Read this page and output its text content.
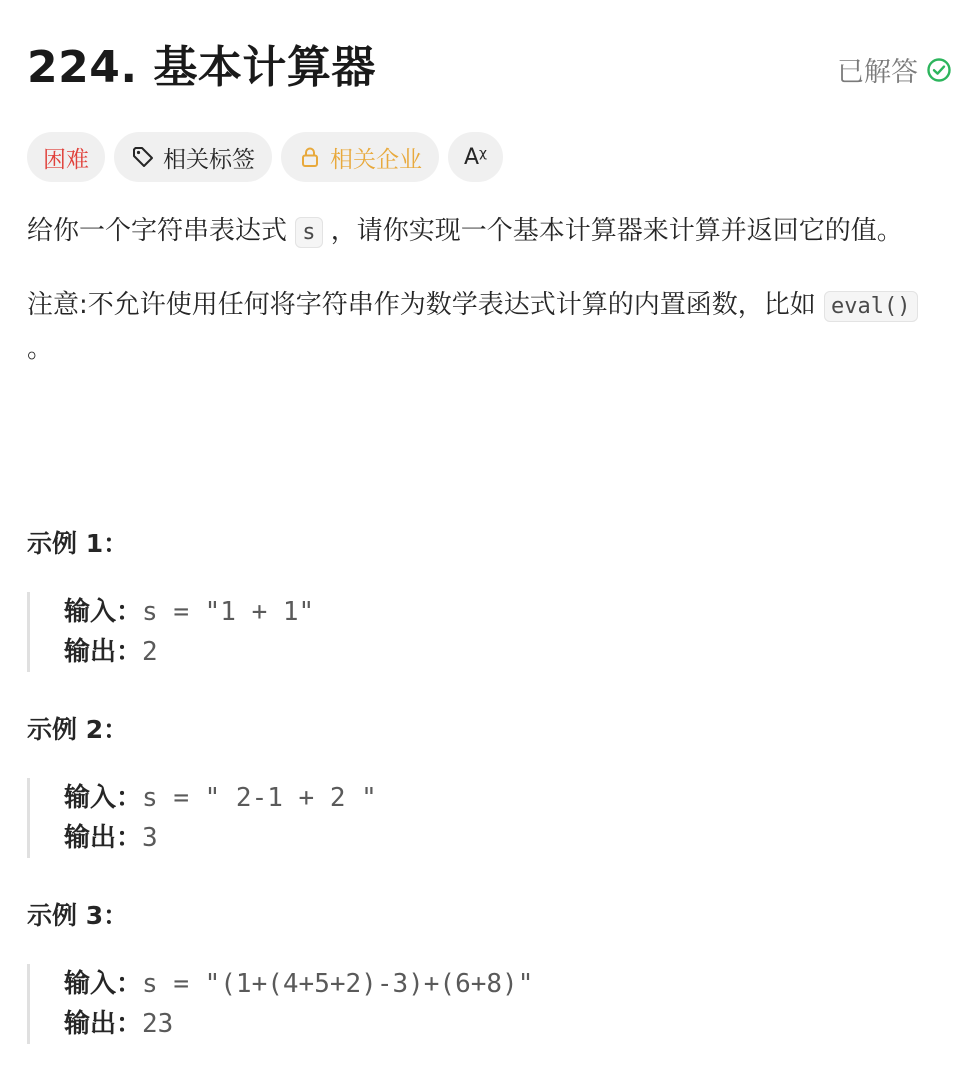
224. 基本计算器	已解答
困难	相关标签	相关企业 Aᵡ

给你一个字符串表达式 s ，请你实现一个基本计算器来计算并返回它的值。

注意:不允许使用任何将字符串作为数学表达式计算的内置函数，比如 eval() 。

示例 1：
输入： s = "1 + 1"
输出： 2
示例 2：
输入： s = " 2-1 + 2 "
输出： 3
示例 3：
输入： s = "(1+(4+5+2)-3)+(6+8)"
输出： 23
